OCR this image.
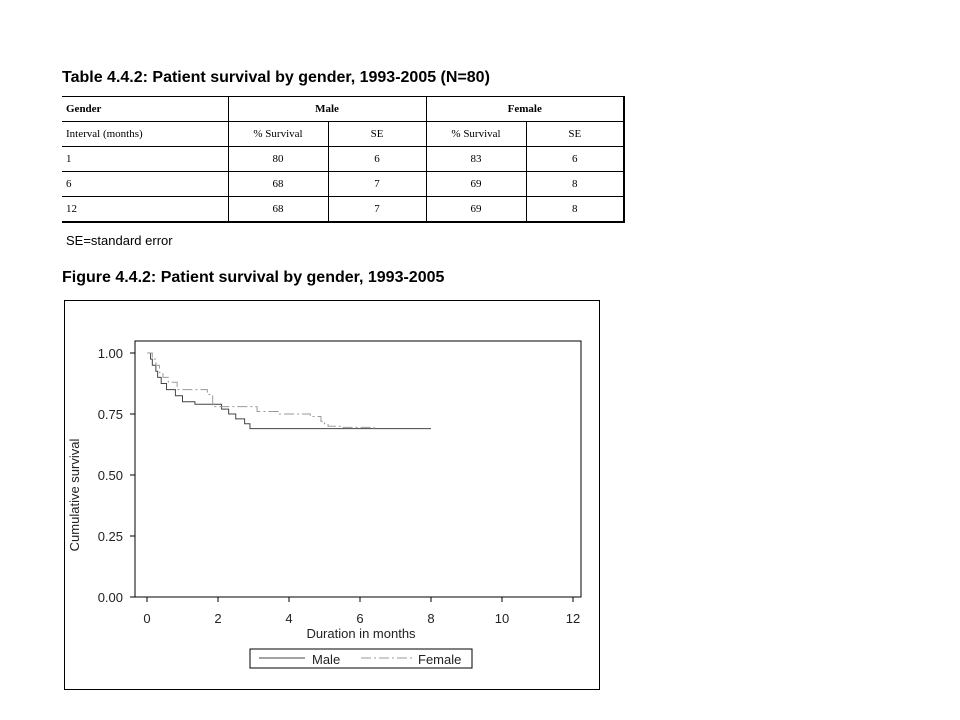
Table 4.4.2: Patient survival by gender, 1993-2005 (N=80)
Gender	Male		Female	
Interval (months)	% Survival	SE	% Survival	SE
1	80	6	83	6
6	68	7	69	8
12	68	7	69	8
SE=standard error
Figure 4.4.2: Patient survival by gender, 1993-2005
0.00
0.25
0.50
0.75
1.00
0	2	4	6	8	10	12
Cumulative survival
Duration in months
Male	Female
